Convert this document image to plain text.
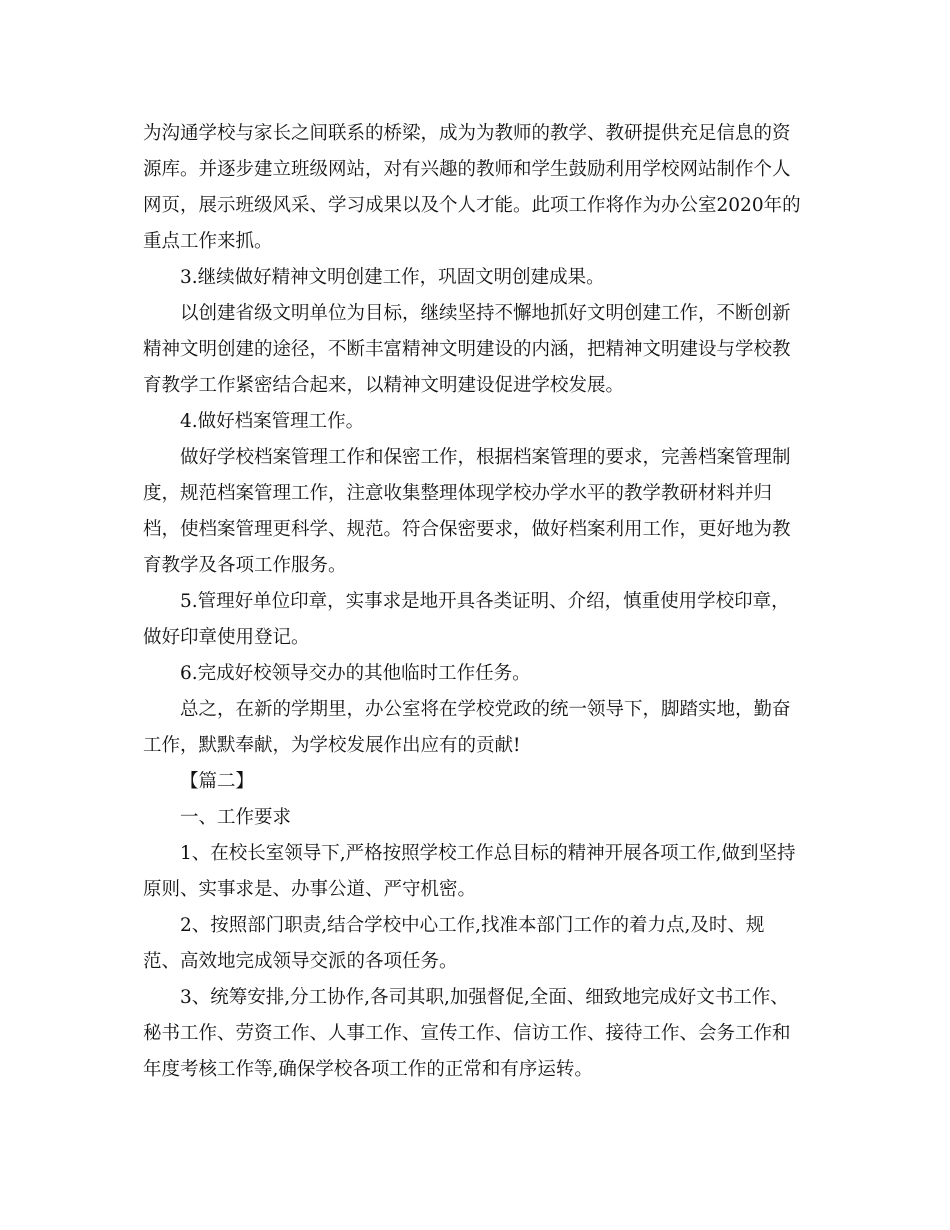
为沟通学校与家长之间联系的桥梁，成为为教师的教学、教研提供充足信息的资

源库。并逐步建立班级网站，对有兴趣的教师和学生鼓励利用学校网站制作个人

网页，展示班级风采、学习成果以及个人才能。此项工作将作为办公室2020年的

重点工作来抓。

3.继续做好精神文明创建工作，巩固文明创建成果。

以创建省级文明单位为目标，继续坚持不懈地抓好文明创建工作，不断创新

精神文明创建的途径，不断丰富精神文明建设的内涵，把精神文明建设与学校教

育教学工作紧密结合起来，以精神文明建设促进学校发展。

4.做好档案管理工作。

做好学校档案管理工作和保密工作，根据档案管理的要求，完善档案管理制

度，规范档案管理工作，注意收集整理体现学校办学水平的教学教研材料并归

档，使档案管理更科学、规范。符合保密要求，做好档案利用工作，更好地为教

育教学及各项工作服务。

5.管理好单位印章，实事求是地开具各类证明、介绍，慎重使用学校印章，

做好印章使用登记。

6.完成好校领导交办的其他临时工作任务。

总之，在新的学期里，办公室将在学校党政的统一领导下，脚踏实地，勤奋

工作，默默奉献，为学校发展作出应有的贡献!

【篇二】

一、工作要求

1、在校长室领导下,严格按照学校工作总目标的精神开展各项工作,做到坚持

原则、实事求是、办事公道、严守机密。

2、按照部门职责,结合学校中心工作,找准本部门工作的着力点,及时、规

范、高效地完成领导交派的各项任务。

3、统筹安排,分工协作,各司其职,加强督促,全面、细致地完成好文书工作、

秘书工作、劳资工作、人事工作、宣传工作、信访工作、接待工作、会务工作和

年度考核工作等,确保学校各项工作的正常和有序运转。
